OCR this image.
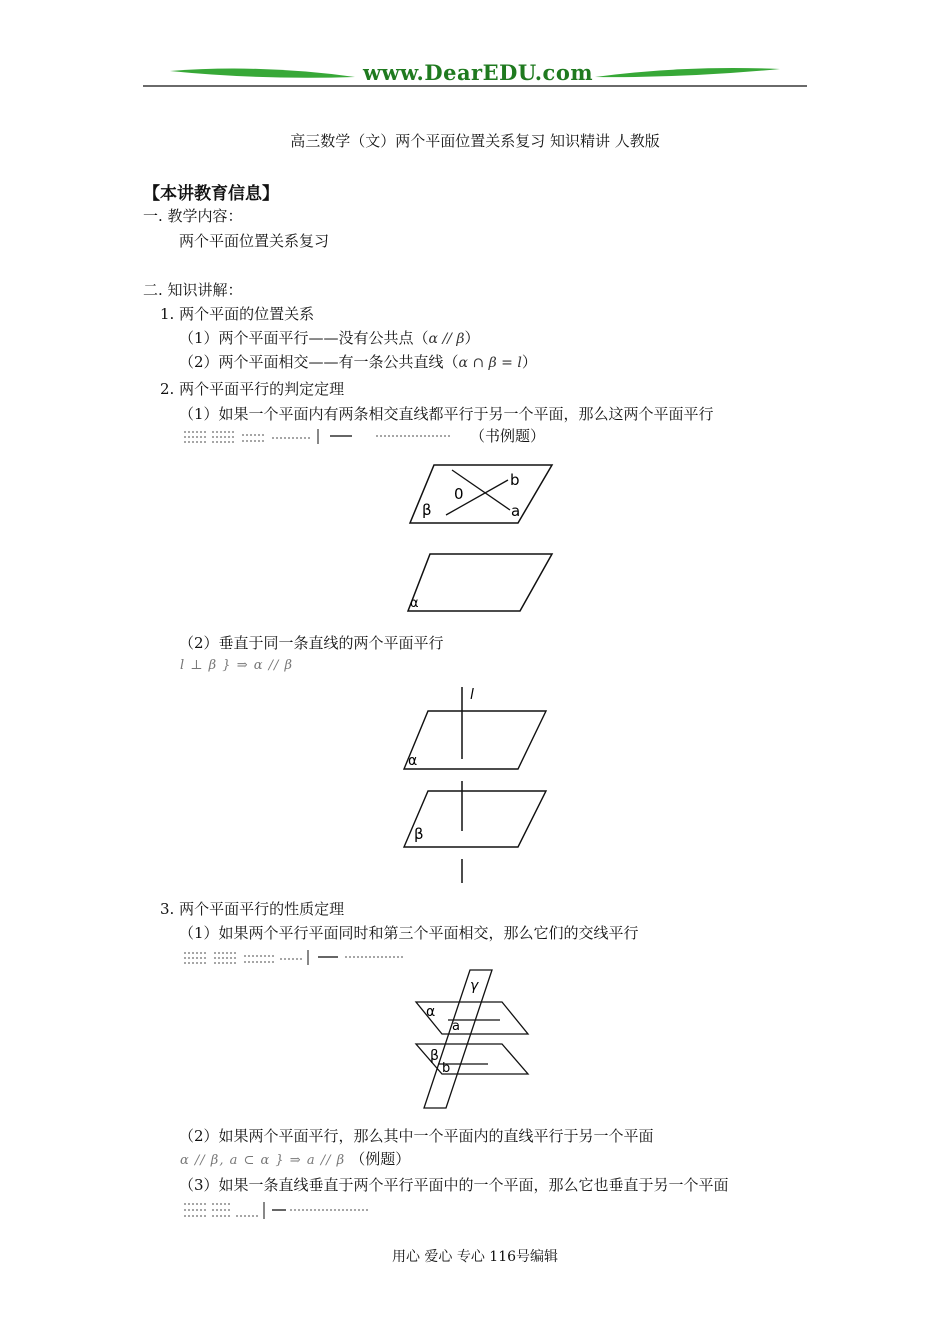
www.DearEDU.com
高三数学（文）两个平面位置关系复习 知识精讲 人教版
【本讲教育信息】
一. 教学内容：
两个平面位置关系复习
二. 知识讲解：
1. 两个平面的位置关系
（1）两个平面平行——没有公共点（α // β）
（2）两个平面相交——有一条公共直线（α ∩ β = l）
2. 两个平面平行的判定定理
（1）如果一个平面内有两条相交直线都平行于另一个平面，那么这两个平面平行
（书例题）
0
b
a
β
α
（2）垂直于同一条直线的两个平面平行
l ⊥ β } ⇒ α // β
l
α
β
3. 两个平面平行的性质定理
（1）如果两个平行平面同时和第三个平面相交，那么它们的交线平行
γ
α
a
β
b
（2）如果两个平面平行，那么其中一个平面内的直线平行于另一个平面
α // β, a ⊂ α } ⇒ a // β （例题）
（3）如果一条直线垂直于两个平行平面中的一个平面，那么它也垂直于另一个平面
用心 爱心 专心 116号编辑
